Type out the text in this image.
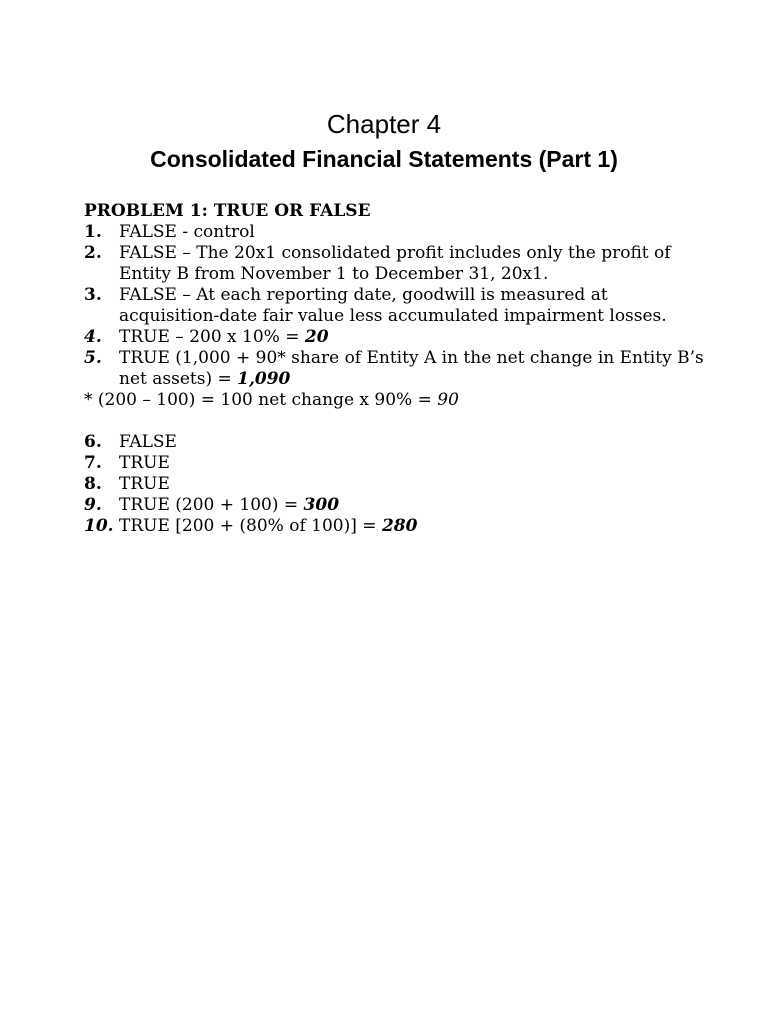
Chapter 4
Consolidated Financial Statements (Part 1)

PROBLEM 1: TRUE OR FALSE

1.	FALSE - control
2.	FALSE – The 20x1 consolidated profit includes only the profit of Entity B from November 1 to December 31, 20x1.
3.	FALSE – At each reporting date, goodwill is measured at acquisition-date fair value less accumulated impairment losses.
4.	TRUE – 200 x 10% = 20
5.	TRUE (1,000 + 90* share of Entity A in the net change in Entity B’s net assets) = 1,090

* (200 – 100) = 100 net change x 90% = 90

6.	FALSE
7.	TRUE
8.	TRUE
9.	TRUE (200 + 100) = 300
10. TRUE [200 + (80% of 100)] = 280
